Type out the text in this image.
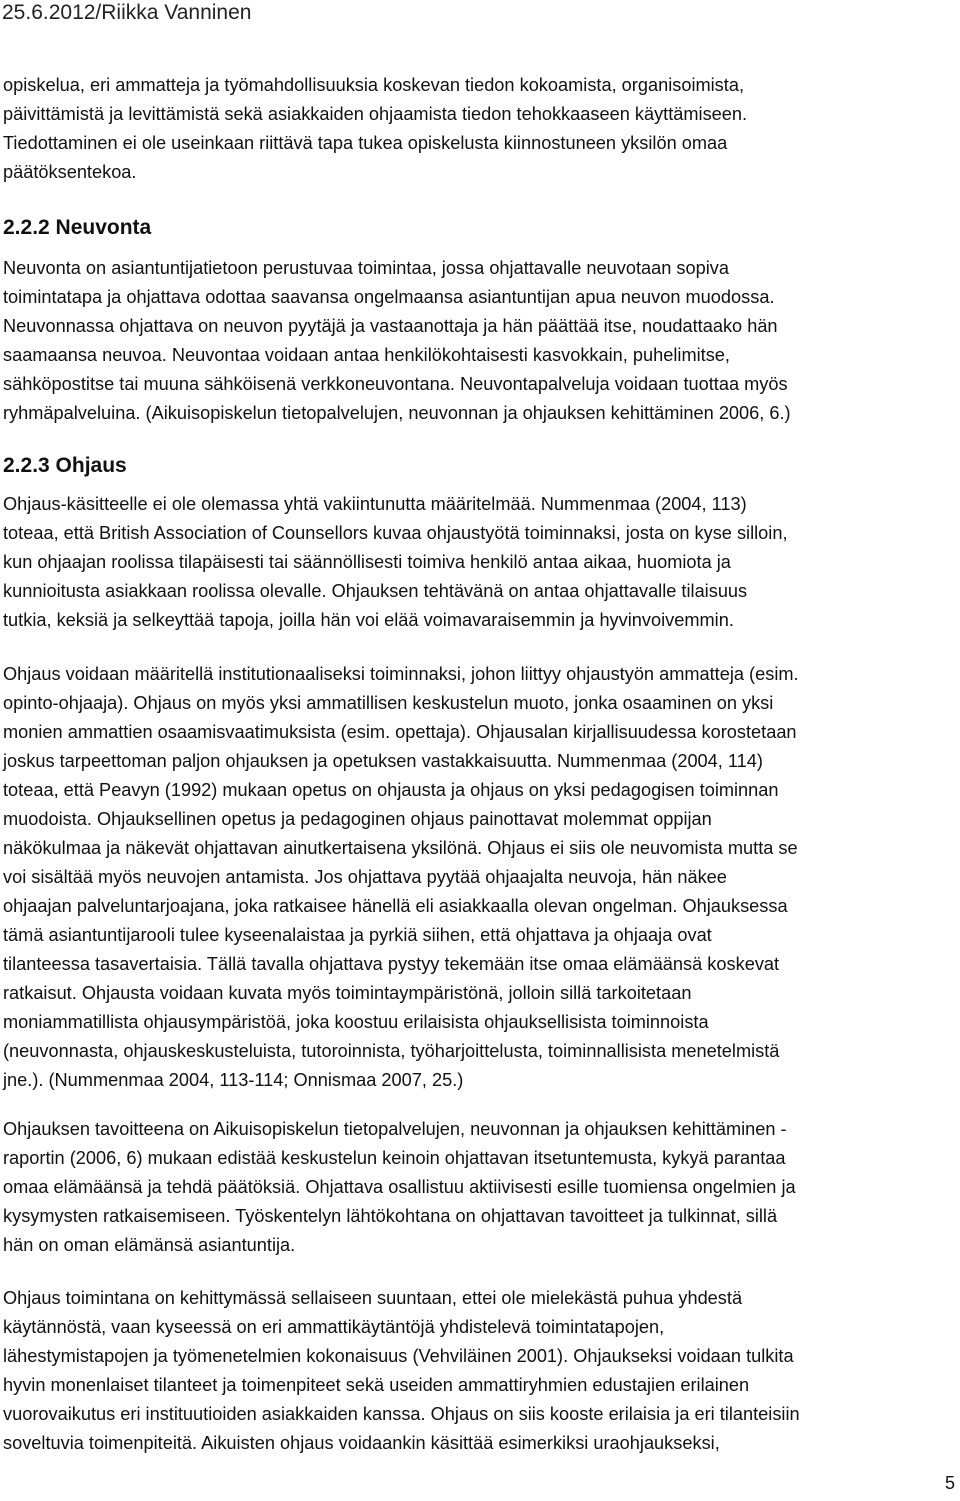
25.6.2012/Riikka Vanninen
opiskelua, eri ammatteja ja työmahdollisuuksia koskevan tiedon kokoamista, organisoimista,
päivittämistä ja levittämistä sekä asiakkaiden ohjaamista tiedon tehokkaaseen käyttämiseen.
Tiedottaminen ei ole useinkaan riittävä tapa tukea opiskelusta kiinnostuneen yksilön omaa
päätöksentekoa.
2.2.2 Neuvonta
Neuvonta on asiantuntijatietoon perustuvaa toimintaa, jossa ohjattavalle neuvotaan sopiva
toimintatapa ja ohjattava odottaa saavansa ongelmaansa asiantuntijan apua neuvon muodossa.
Neuvonnassa ohjattava on neuvon pyytäjä ja vastaanottaja ja hän päättää itse, noudattaako hän
saamaansa neuvoa. Neuvontaa voidaan antaa henkilökohtaisesti kasvokkain, puhelimitse,
sähköpostitse tai muuna sähköisenä verkkoneuvontana. Neuvontapalveluja voidaan tuottaa myös
ryhmäpalveluina. (Aikuisopiskelun tietopalvelujen, neuvonnan ja ohjauksen kehittäminen 2006, 6.)
2.2.3 Ohjaus
Ohjaus-käsitteelle ei ole olemassa yhtä vakiintunutta määritelmää. Nummenmaa (2004, 113)
toteaa, että British Association of Counsellors kuvaa ohjaustyötä toiminnaksi, josta on kyse silloin,
kun ohjaajan roolissa tilapäisesti tai säännöllisesti toimiva henkilö antaa aikaa, huomiota ja
kunnioitusta asiakkaan roolissa olevalle. Ohjauksen tehtävänä on antaa ohjattavalle tilaisuus
tutkia, keksiä ja selkeyttää tapoja, joilla hän voi elää voimavaraisemmin ja hyvinvoivemmin.
Ohjaus voidaan määritellä institutionaaliseksi toiminnaksi, johon liittyy ohjaustyön ammatteja (esim.
opinto-ohjaaja). Ohjaus on myös yksi ammatillisen keskustelun muoto, jonka osaaminen on yksi
monien ammattien osaamisvaatimuksista (esim. opettaja). Ohjausalan kirjallisuudessa korostetaan
joskus tarpeettoman paljon ohjauksen ja opetuksen vastakkaisuutta. Nummenmaa (2004, 114)
toteaa, että Peavyn (1992) mukaan opetus on ohjausta ja ohjaus on yksi pedagogisen toiminnan
muodoista. Ohjauksellinen opetus ja pedagoginen ohjaus painottavat molemmat oppijan
näkökulmaa ja näkevät ohjattavan ainutkertaisena yksilönä. Ohjaus ei siis ole neuvomista mutta se
voi sisältää myös neuvojen antamista. Jos ohjattava pyytää ohjaajalta neuvoja, hän näkee
ohjaajan palveluntarjoajana, joka ratkaisee hänellä eli asiakkaalla olevan ongelman. Ohjauksessa
tämä asiantuntijarooli tulee kyseenalaistaa ja pyrkiä siihen, että ohjattava ja ohjaaja ovat
tilanteessa tasavertaisia. Tällä tavalla ohjattava pystyy tekemään itse omaa elämäänsä koskevat
ratkaisut. Ohjausta voidaan kuvata myös toimintaympäristönä, jolloin sillä tarkoitetaan
moniammatillista ohjausympäristöä, joka koostuu erilaisista ohjauksellisista toiminnoista
(neuvonnasta, ohjauskeskusteluista, tutoroinnista, työharjoittelusta, toiminnallisista menetelmistä
jne.). (Nummenmaa 2004, 113-114; Onnismaa 2007, 25.)
Ohjauksen tavoitteena on Aikuisopiskelun tietopalvelujen, neuvonnan ja ohjauksen kehittäminen -
raportin (2006, 6) mukaan edistää keskustelun keinoin ohjattavan itsetuntemusta, kykyä parantaa
omaa elämäänsä ja tehdä päätöksiä. Ohjattava osallistuu aktiivisesti esille tuomiensa ongelmien ja
kysymysten ratkaisemiseen. Työskentelyn lähtökohtana on ohjattavan tavoitteet ja tulkinnat, sillä
hän on oman elämänsä asiantuntija.
Ohjaus toimintana on kehittymässä sellaiseen suuntaan, ettei ole mielekästä puhua yhdestä
käytännöstä, vaan kyseessä on eri ammattikäytäntöjä yhdistelevä toimintatapojen,
lähestymistapojen ja työmenetelmien kokonaisuus (Vehviläinen 2001). Ohjaukseksi voidaan tulkita
hyvin monenlaiset tilanteet ja toimenpiteet sekä useiden ammattiryhmien edustajien erilainen
vuorovaikutus eri instituutioiden asiakkaiden kanssa. Ohjaus on siis kooste erilaisia ja eri tilanteisiin
soveltuvia toimenpiteitä. Aikuisten ohjaus voidaankin käsittää esimerkiksi uraohjaukseksi,
5
